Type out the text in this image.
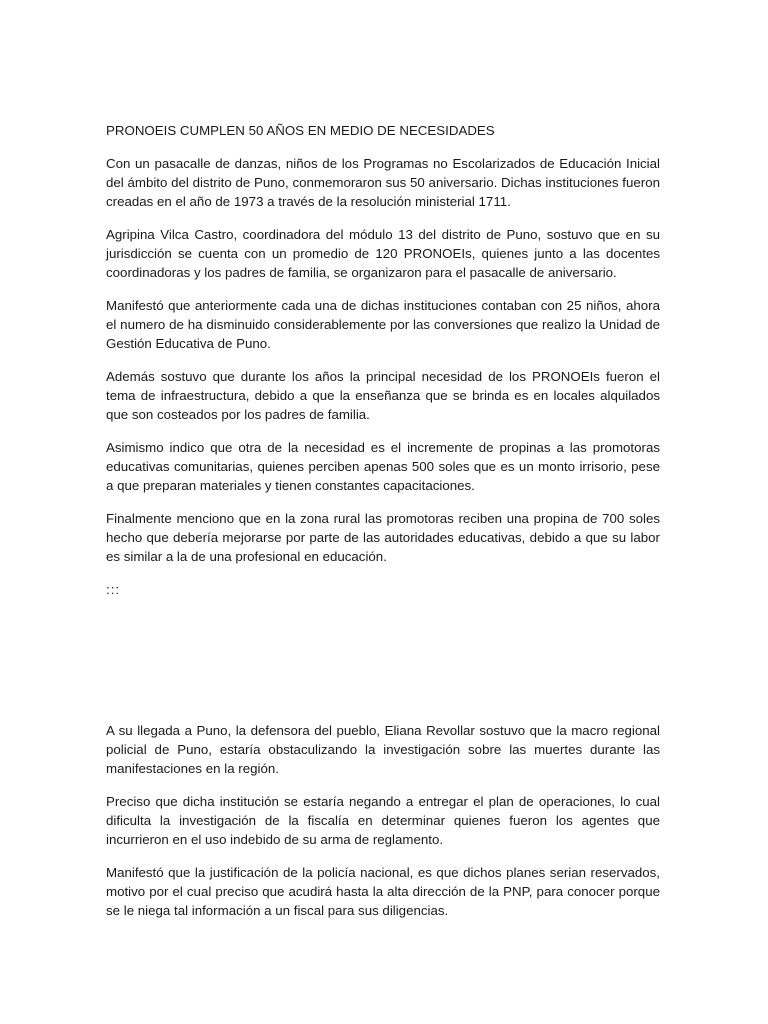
PRONOEIS CUMPLEN 50 AÑOS EN MEDIO DE NECESIDADES

Con un pasacalle de danzas, niños de los Programas no Escolarizados de Educación Inicial del ámbito del distrito de Puno, conmemoraron sus 50 aniversario. Dichas instituciones fueron creadas en el año de 1973 a través de la resolución ministerial 1711.

Agripina Vilca Castro, coordinadora del módulo 13 del distrito de Puno, sostuvo que en su jurisdicción se cuenta con un promedio de 120 PRONOEIs, quienes junto a las docentes coordinadoras y los padres de familia, se organizaron para el pasacalle de aniversario.

Manifestó que anteriormente cada una de dichas instituciones contaban con 25 niños, ahora el numero de ha disminuido considerablemente por las conversiones que realizo la Unidad de Gestión Educativa de Puno.

Además sostuvo que durante los años la principal necesidad de los PRONOEIs fueron el tema de infraestructura, debido a que la enseñanza que se brinda es en locales alquilados que son costeados por los padres de familia.

Asimismo indico que otra de la necesidad es el incremente de propinas a las promotoras educativas comunitarias, quienes perciben apenas 500 soles que es un monto irrisorio, pese a que preparan materiales y tienen constantes capacitaciones.

Finalmente menciono que en la zona rural las promotoras reciben una propina de 700 soles hecho que debería mejorarse por parte de las autoridades educativas, debido a que su labor es similar a la de una profesional en educación.

:::

A su llegada a Puno, la defensora del pueblo, Eliana Revollar sostuvo que la macro regional policial de Puno, estaría obstaculizando la investigación sobre las muertes durante las manifestaciones en la región.

Preciso que dicha institución se estaría negando a entregar el plan de operaciones, lo cual dificulta la investigación de la fiscalía en determinar quienes fueron los agentes que incurrieron en el uso indebido de su arma de reglamento.

Manifestó que la justificación de la policía nacional, es que dichos planes serian reservados, motivo por el cual preciso que acudirá hasta la alta dirección de la PNP, para conocer porque se le niega tal información a un fiscal para sus diligencias.
